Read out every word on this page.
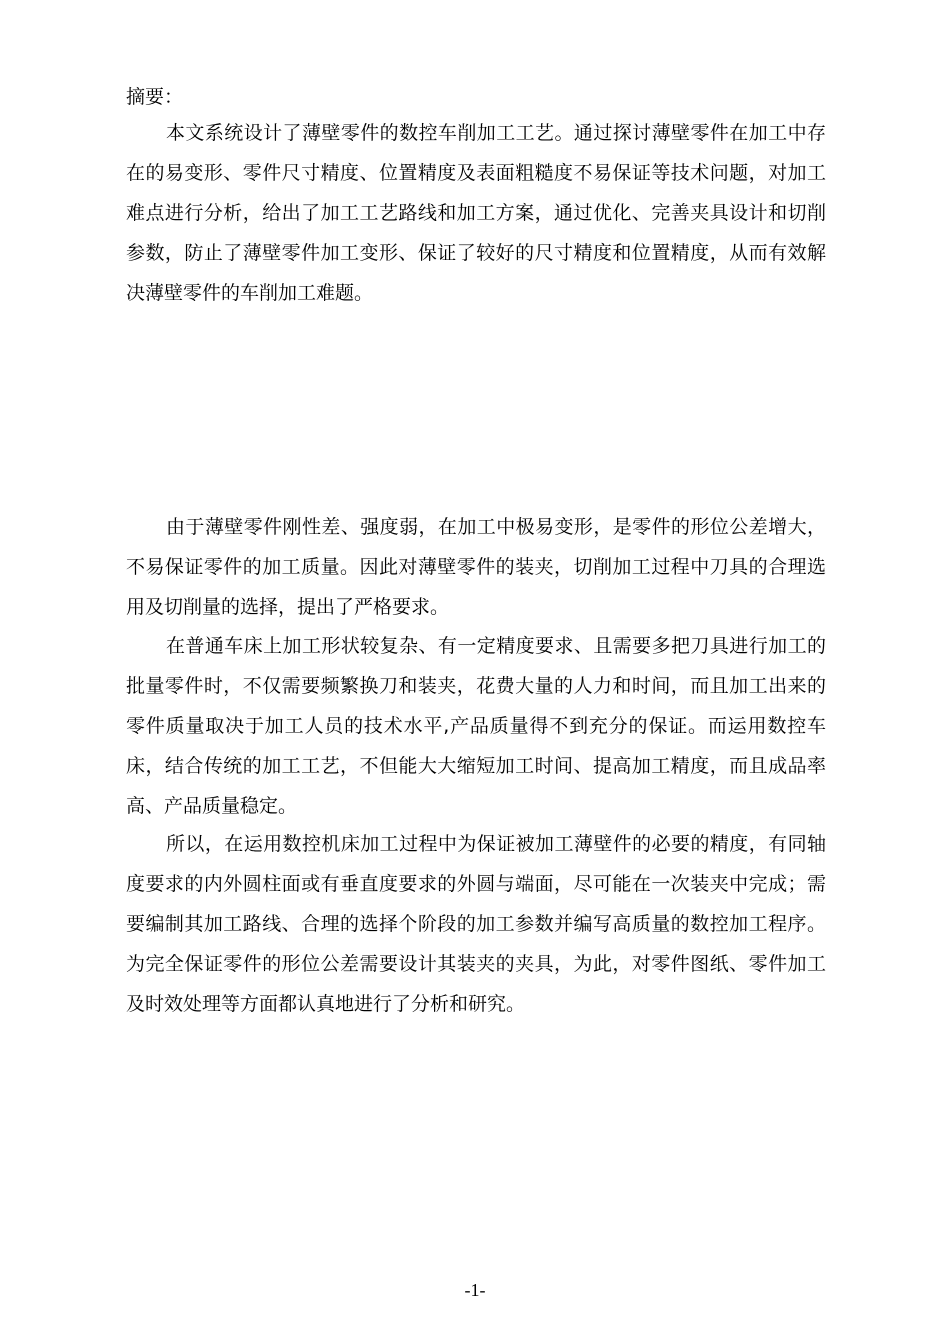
摘要：

本文系统设计了薄壁零件的数控车削加工工艺。通过探讨薄壁零件在加工中存在的易变形、零件尺寸精度、位置精度及表面粗糙度不易保证等技术问题，对加工难点进行分析，给出了加工工艺路线和加工方案，通过优化、完善夹具设计和切削参数，防止了薄壁零件加工变形、保证了较好的尺寸精度和位置精度，从而有效解决薄壁零件的车削加工难题。

由于薄壁零件刚性差、强度弱，在加工中极易变形，是零件的形位公差增大，不易保证零件的加工质量。因此对薄壁零件的装夹，切削加工过程中刀具的合理选用及切削量的选择，提出了严格要求。

在普通车床上加工形状较复杂、有一定精度要求、且需要多把刀具进行加工的批量零件时，不仅需要频繁换刀和装夹，花费大量的人力和时间，而且加工出来的零件质量取决于加工人员的技术水平,产品质量得不到充分的保证。而运用数控车床，结合传统的加工工艺，不但能大大缩短加工时间、提高加工精度，而且成品率高、产品质量稳定。

所以，在运用数控机床加工过程中为保证被加工薄壁件的必要的精度，有同轴度要求的内外圆柱面或有垂直度要求的外圆与端面，尽可能在一次装夹中完成；需要编制其加工路线、合理的选择个阶段的加工参数并编写高质量的数控加工程序。为完全保证零件的形位公差需要设计其装夹的夹具，为此，对零件图纸、零件加工及时效处理等方面都认真地进行了分析和研究。

-1-
